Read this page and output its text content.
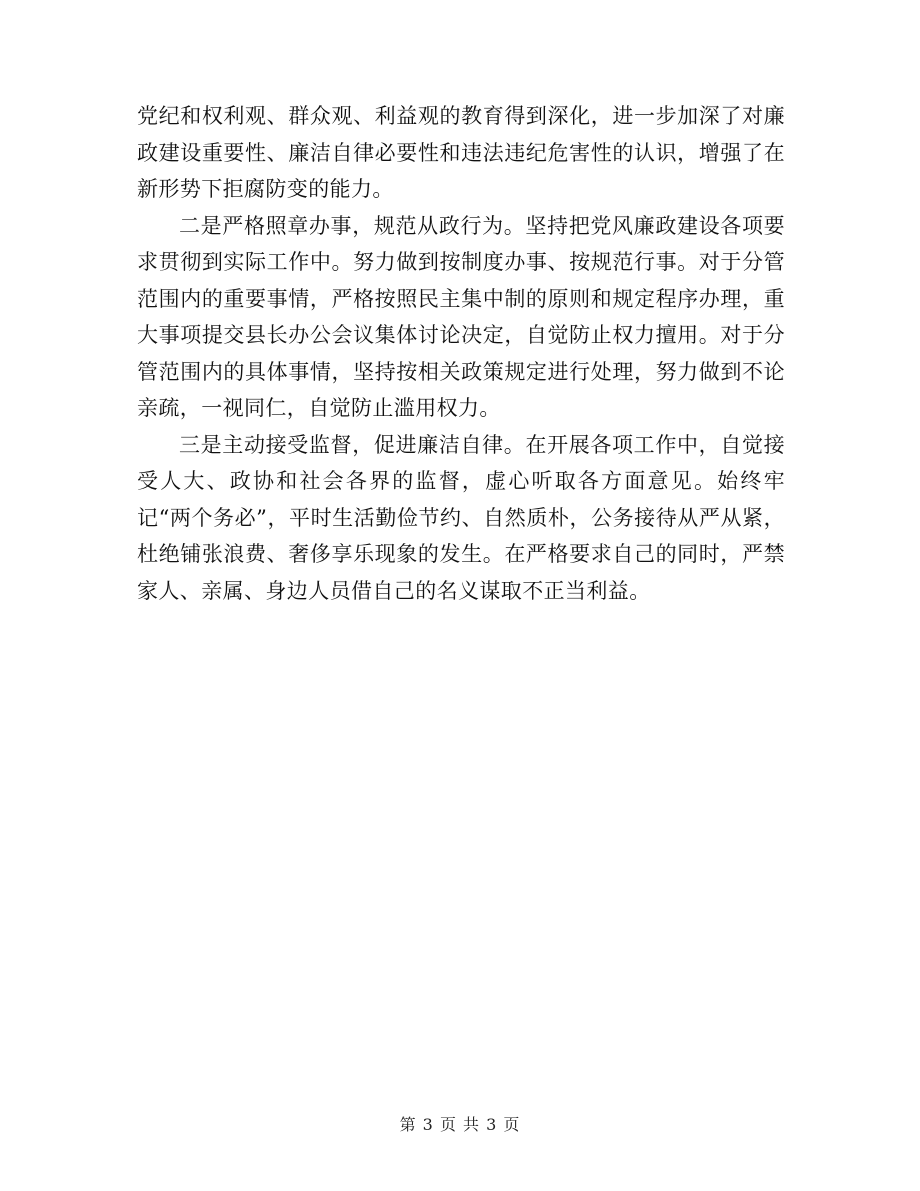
党纪和权利观、群众观、利益观的教育得到深化，进一步加深了对廉政建设重要性、廉洁自律必要性和违法违纪危害性的认识，增强了在新形势下拒腐防变的能力。

二是严格照章办事，规范从政行为。坚持把党风廉政建设各项要求贯彻到实际工作中。努力做到按制度办事、按规范行事。对于分管范围内的重要事情，严格按照民主集中制的原则和规定程序办理，重大事项提交县长办公会议集体讨论决定，自觉防止权力擅用。对于分管范围内的具体事情，坚持按相关政策规定进行处理，努力做到不论亲疏，一视同仁，自觉防止滥用权力。

三是主动接受监督，促进廉洁自律。在开展各项工作中，自觉接受人大、政协和社会各界的监督，虚心听取各方面意见。始终牢记“两个务必”，平时生活勤俭节约、自然质朴，公务接待从严从紧，杜绝铺张浪费、奢侈享乐现象的发生。在严格要求自己的同时，严禁家人、亲属、身边人员借自己的名义谋取不正当利益。

第 3 页 共 3 页
